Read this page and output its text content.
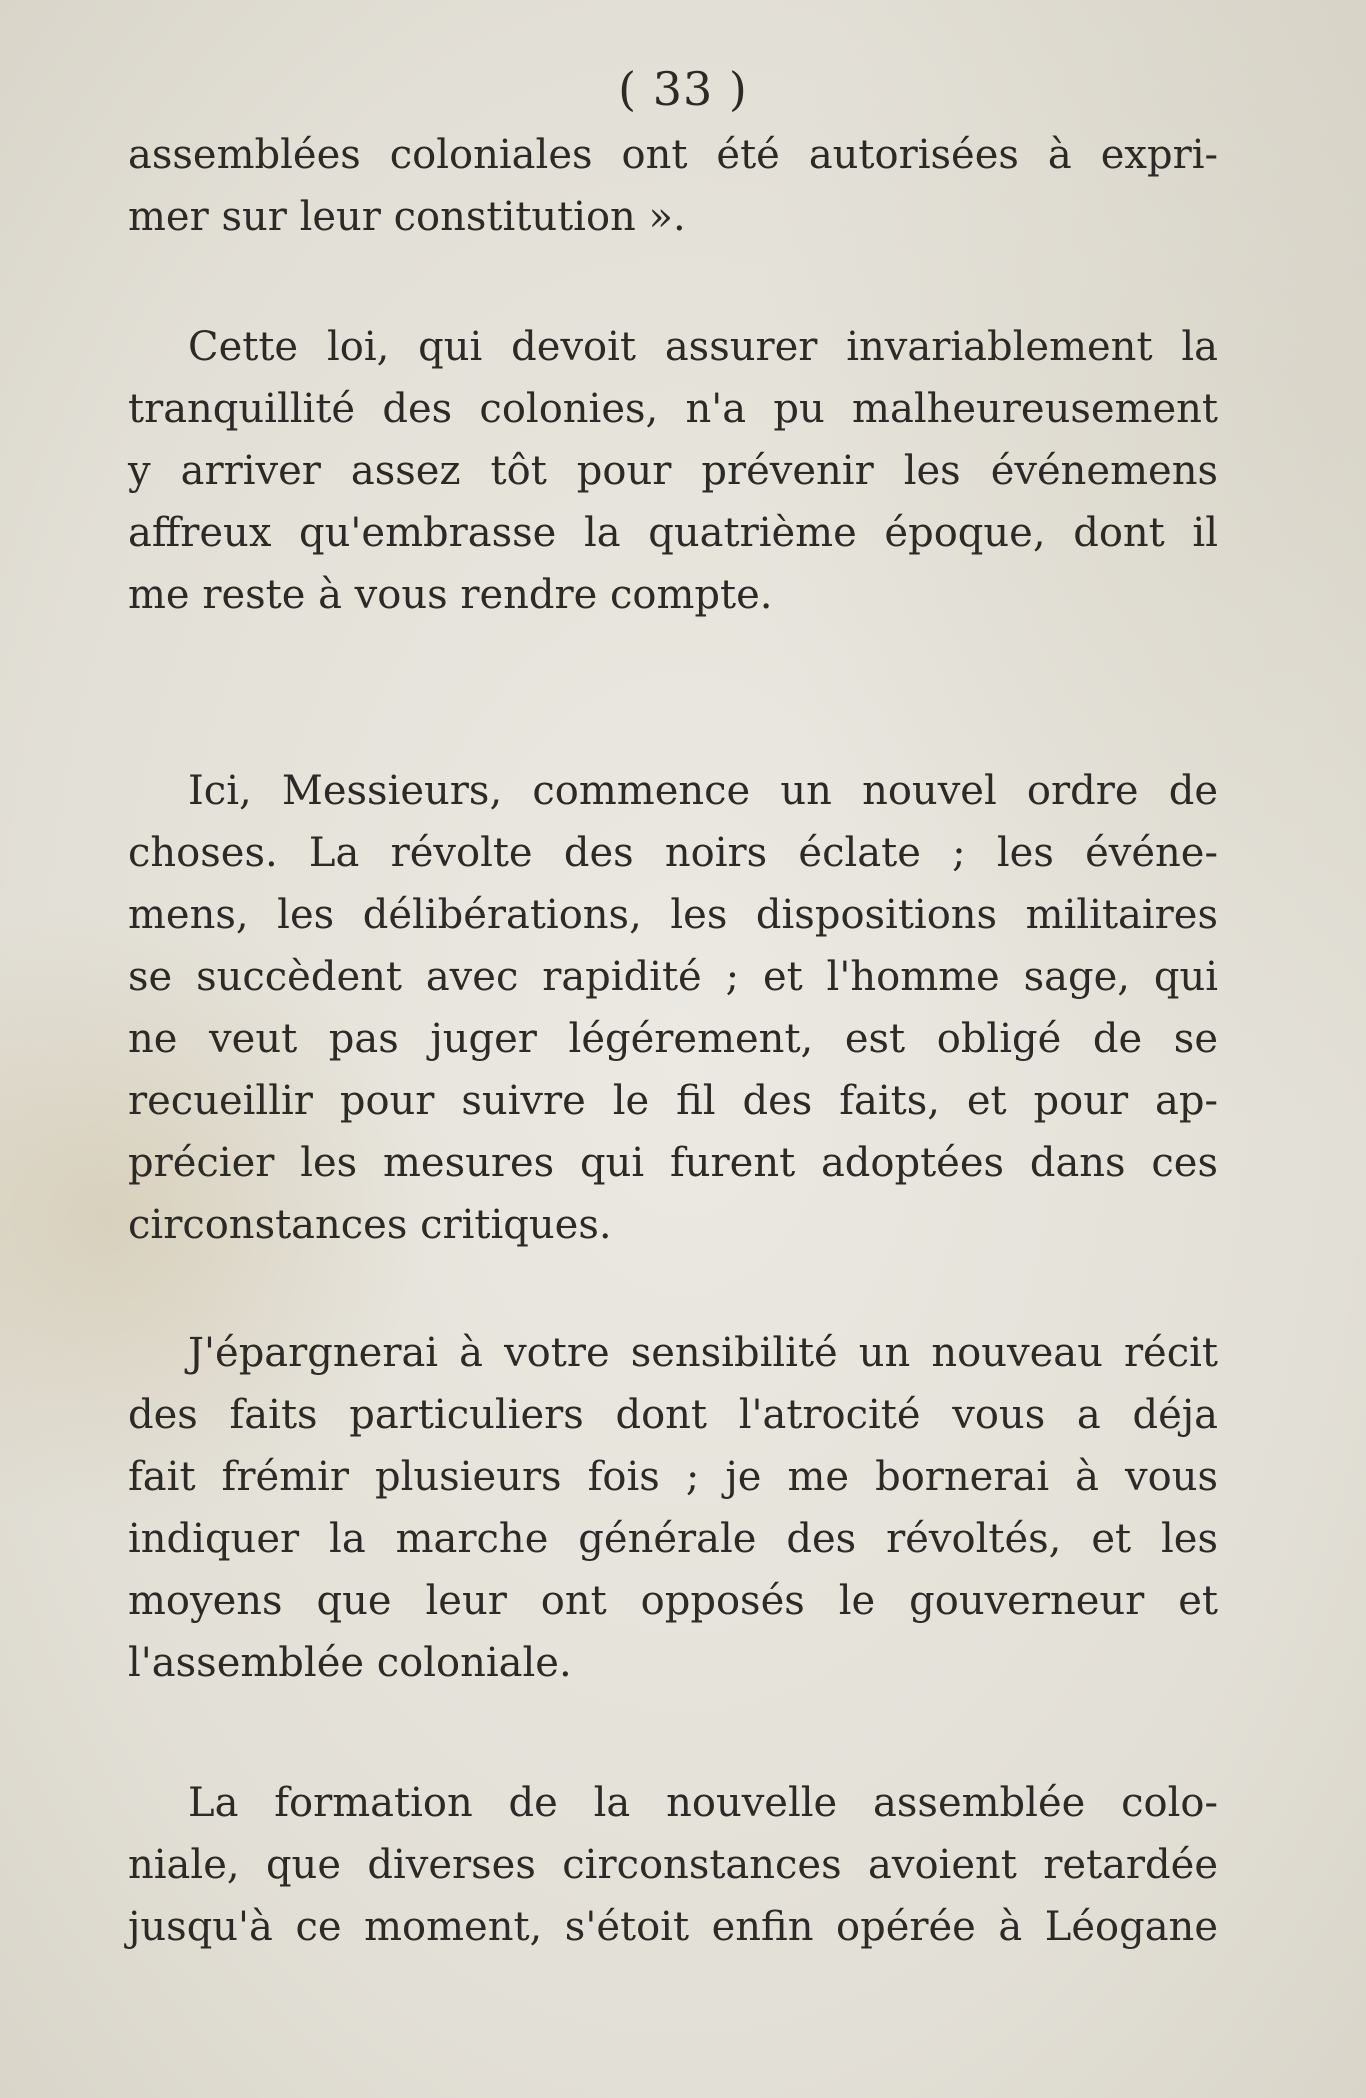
( 33 )
assemblées coloniales ont été autorisées à expri-
mer sur leur constitution ».
Cette loi, qui devoit assurer invariablement la
tranquillité des colonies, n'a pu malheureusement
y arriver assez tôt pour prévenir les événemens
affreux qu'embrasse la quatrième époque, dont il
me reste à vous rendre compte.
Ici, Messieurs, commence un nouvel ordre de
choses. La révolte des noirs éclate ; les événe-
mens, les délibérations, les dispositions militaires
se succèdent avec rapidité ; et l'homme sage, qui
ne veut pas juger légérement, est obligé de se
recueillir pour suivre le fil des faits, et pour ap-
précier les mesures qui furent adoptées dans ces
circonstances critiques.
J'épargnerai à votre sensibilité un nouveau récit
des faits particuliers dont l'atrocité vous a déja
fait frémir plusieurs fois ; je me bornerai à vous
indiquer la marche générale des révoltés, et les
moyens que leur ont opposés le gouverneur et
l'assemblée coloniale.
La formation de la nouvelle assemblée colo-
niale, que diverses circonstances avoient retardée
jusqu'à ce moment, s'étoit enfin opérée à Léogane
